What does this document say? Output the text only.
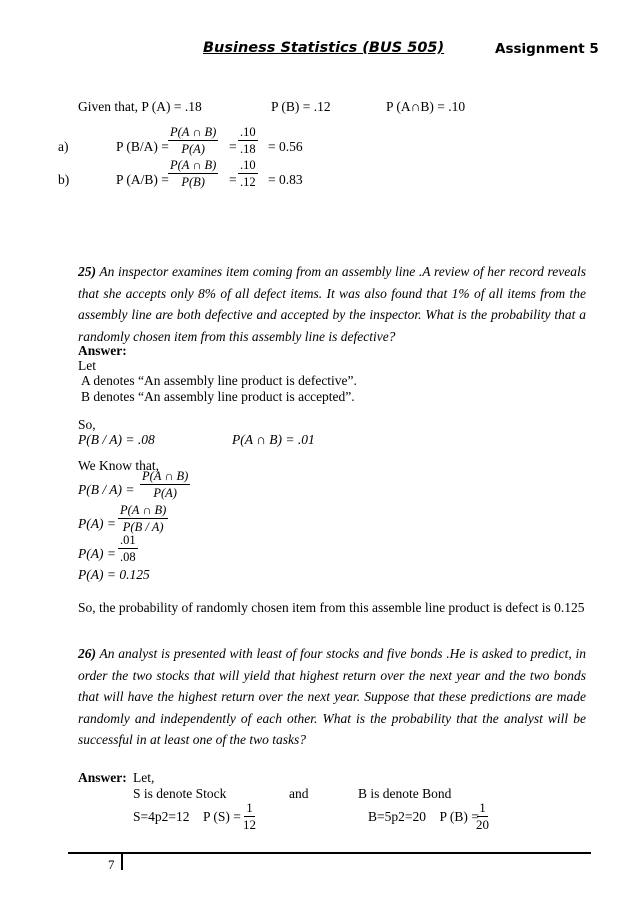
Business Statistics (BUS 505)	Assignment 5
Given that, P (A) = .18	P (B) = .12	P (A∩B) = .10
a)	P $(B/A) = \frac{P(A \cap B)}{P(A)} = \frac{.10}{.18} = 0.56$
b)	P $(A/B) = \frac{P(A \cap B)}{P(B)} = \frac{.10}{.12} = 0.83$
25) An inspector examines item coming from an assembly line .A review of her record reveals that she accepts only 8% of all defect items. It was also found that 1% of all items from the assembly line are both defective and accepted by the inspector. What is the probability that a randomly chosen item from this assembly line is defective?
Answer:
Let
A denotes “An assembly line product is defective”.
B denotes “An assembly line product is accepted”.
So,
P(B / A) = .08	P(A ∩ B) = .01
We Know that,
$P(B / A) = \frac{P(A \cap B)}{P(A)}$
$P(A) = \frac{P(A \cap B)}{P(B / A)}$
$P(A) = \frac{.01}{.08}$
P(A) = 0.125
So, the probability of randomly chosen item from this assemble line product is defect is 0.125
26) An analyst is presented with least of four stocks and five bonds .He is asked to predict, in order the two stocks that will yield that highest return over the next year and the two bonds that will have the highest return over the next year. Suppose that these predictions are made randomly and independently of each other. What is the probability that the analyst will be successful in at least one of the two tasks?
Answer: Let,
S is denote Stock	and	B is denote Bond
S=4p2=12    P $(S) = \frac{1}{12}$	B=5p2=20    P (B) =
$\frac{1}{20}$
7
